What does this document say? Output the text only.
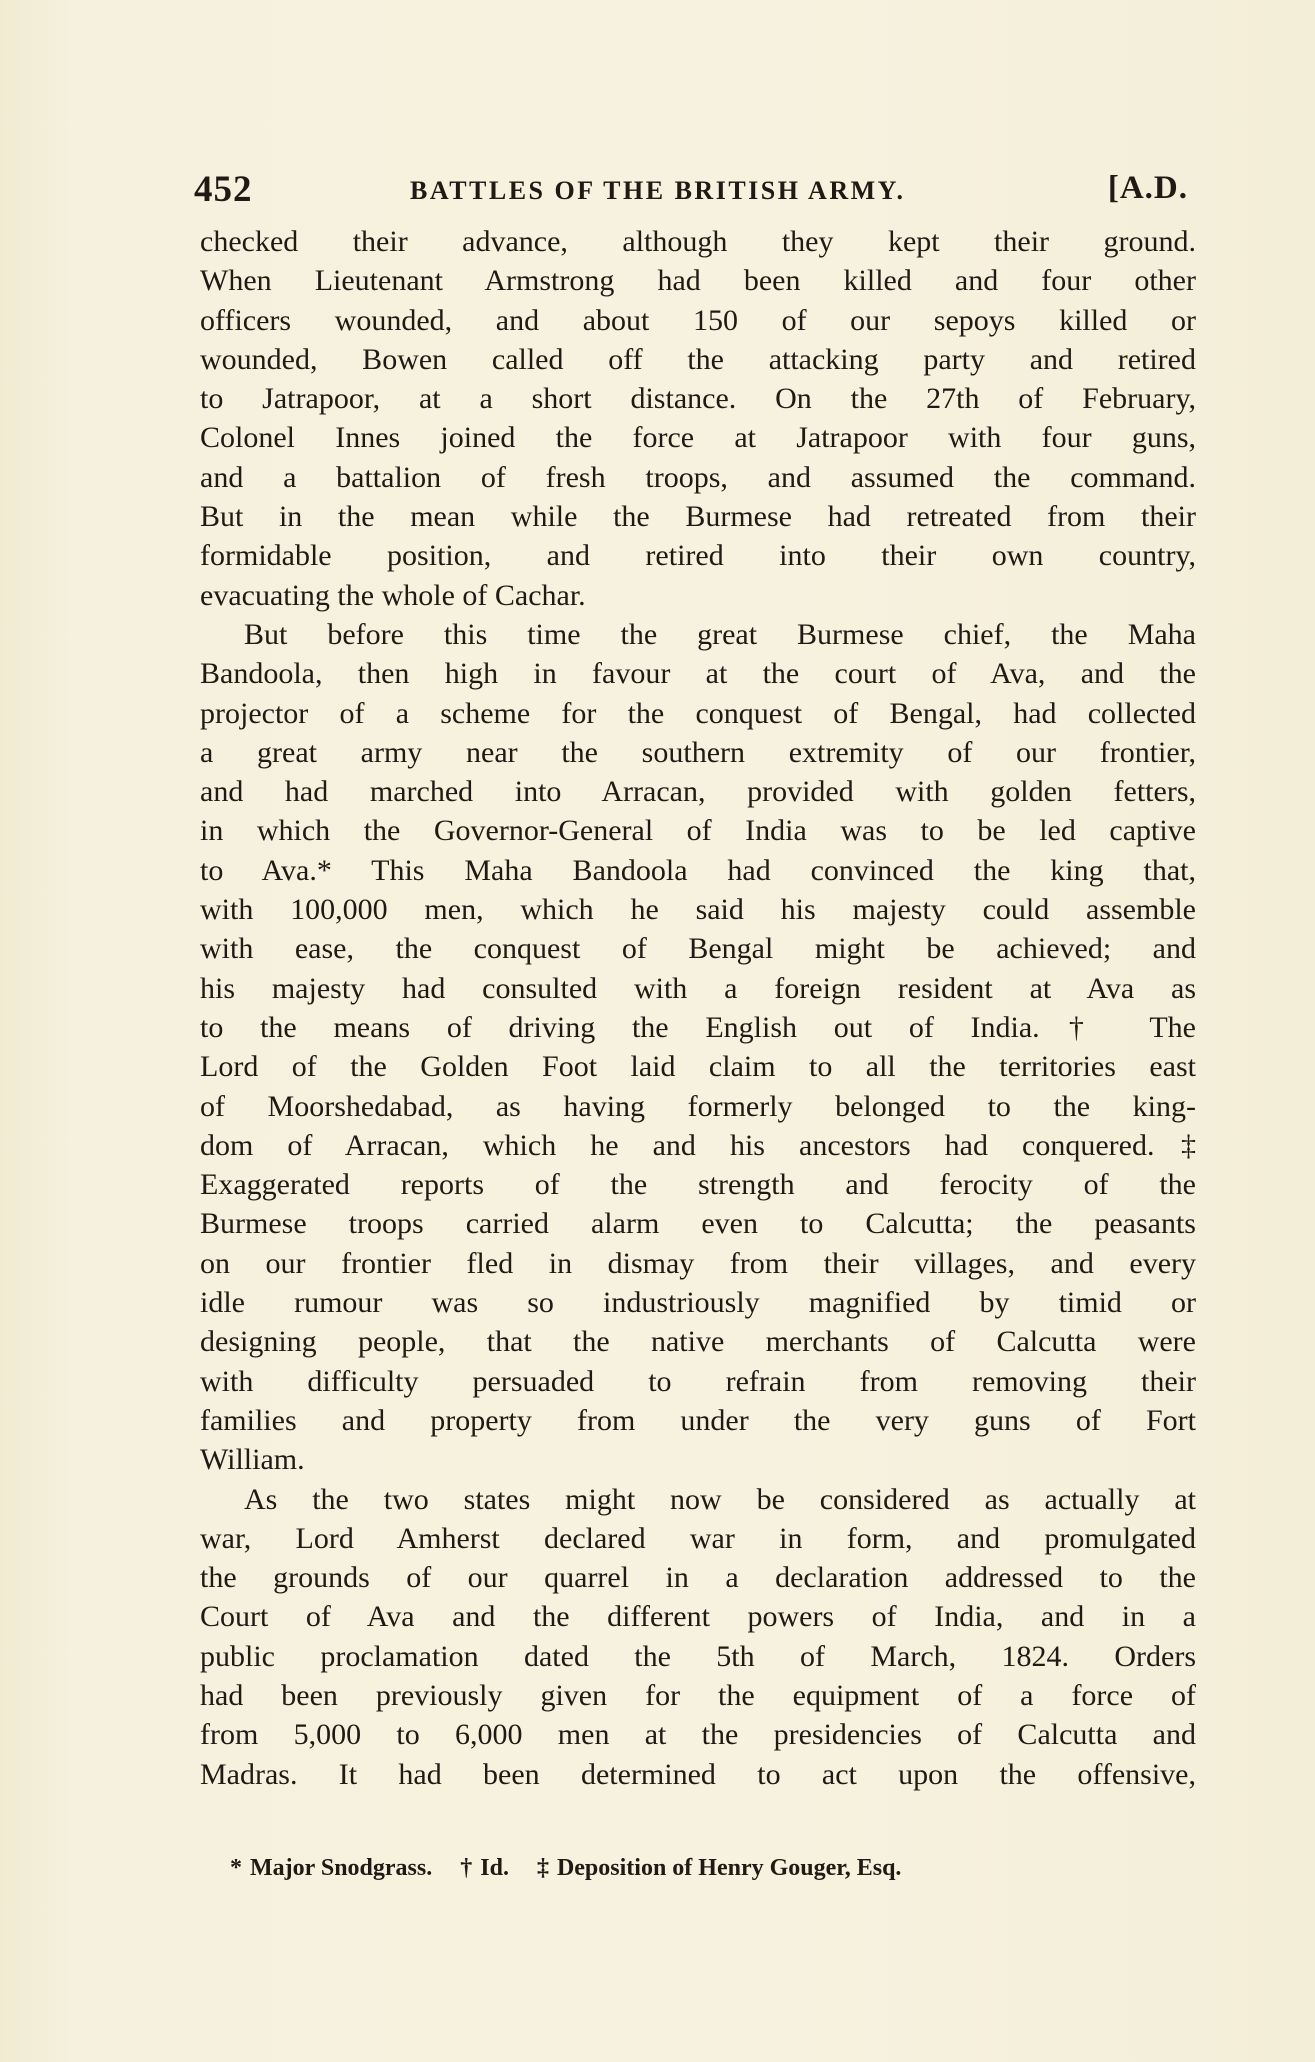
452	BATTLES OF THE BRITISH ARMY.	[A.D.
checked their advance, although they kept their ground.
When Lieutenant Armstrong had been killed and four other
officers wounded, and about 150 of our sepoys killed or
wounded, Bowen called off the attacking party and retired
to Jatrapoor, at a short distance. On the 27th of February,
Colonel Innes joined the force at Jatrapoor with four guns,
and a battalion of fresh troops, and assumed the command.
But in the mean while the Burmese had retreated from their
formidable position, and retired into their own country,
evacuating the whole of Cachar.
But before this time the great Burmese chief, the Maha
Bandoola, then high in favour at the court of Ava, and the
projector of a scheme for the conquest of Bengal, had collected
a great army near the southern extremity of our frontier,
and had marched into Arracan, provided with golden fetters,
in which the Governor-General of India was to be led captive
to Ava.* This Maha Bandoola had convinced the king that,
with 100,000 men, which he said his majesty could assemble
with ease, the conquest of Bengal might be achieved; and
his majesty had consulted with a foreign resident at Ava as
to the means of driving the English out of India.† The
Lord of the Golden Foot laid claim to all the territories east
of Moorshedabad, as having formerly belonged to the king-
dom of Arracan, which he and his ancestors had conquered.‡
Exaggerated reports of the strength and ferocity of the
Burmese troops carried alarm even to Calcutta; the peasants
on our frontier fled in dismay from their villages, and every
idle rumour was so industriously magnified by timid or
designing people, that the native merchants of Calcutta were
with difficulty persuaded to refrain from removing their
families and property from under the very guns of Fort
William.
As the two states might now be considered as actually at
war, Lord Amherst declared war in form, and promulgated
the grounds of our quarrel in a declaration addressed to the
Court of Ava and the different powers of India, and in a
public proclamation dated the 5th of March, 1824. Orders
had been previously given for the equipment of a force of
from 5,000 to 6,000 men at the presidencies of Calcutta and
Madras. It had been determined to act upon the offensive,
* Major Snodgrass. † Id. ‡ Deposition of Henry Gouger, Esq.
